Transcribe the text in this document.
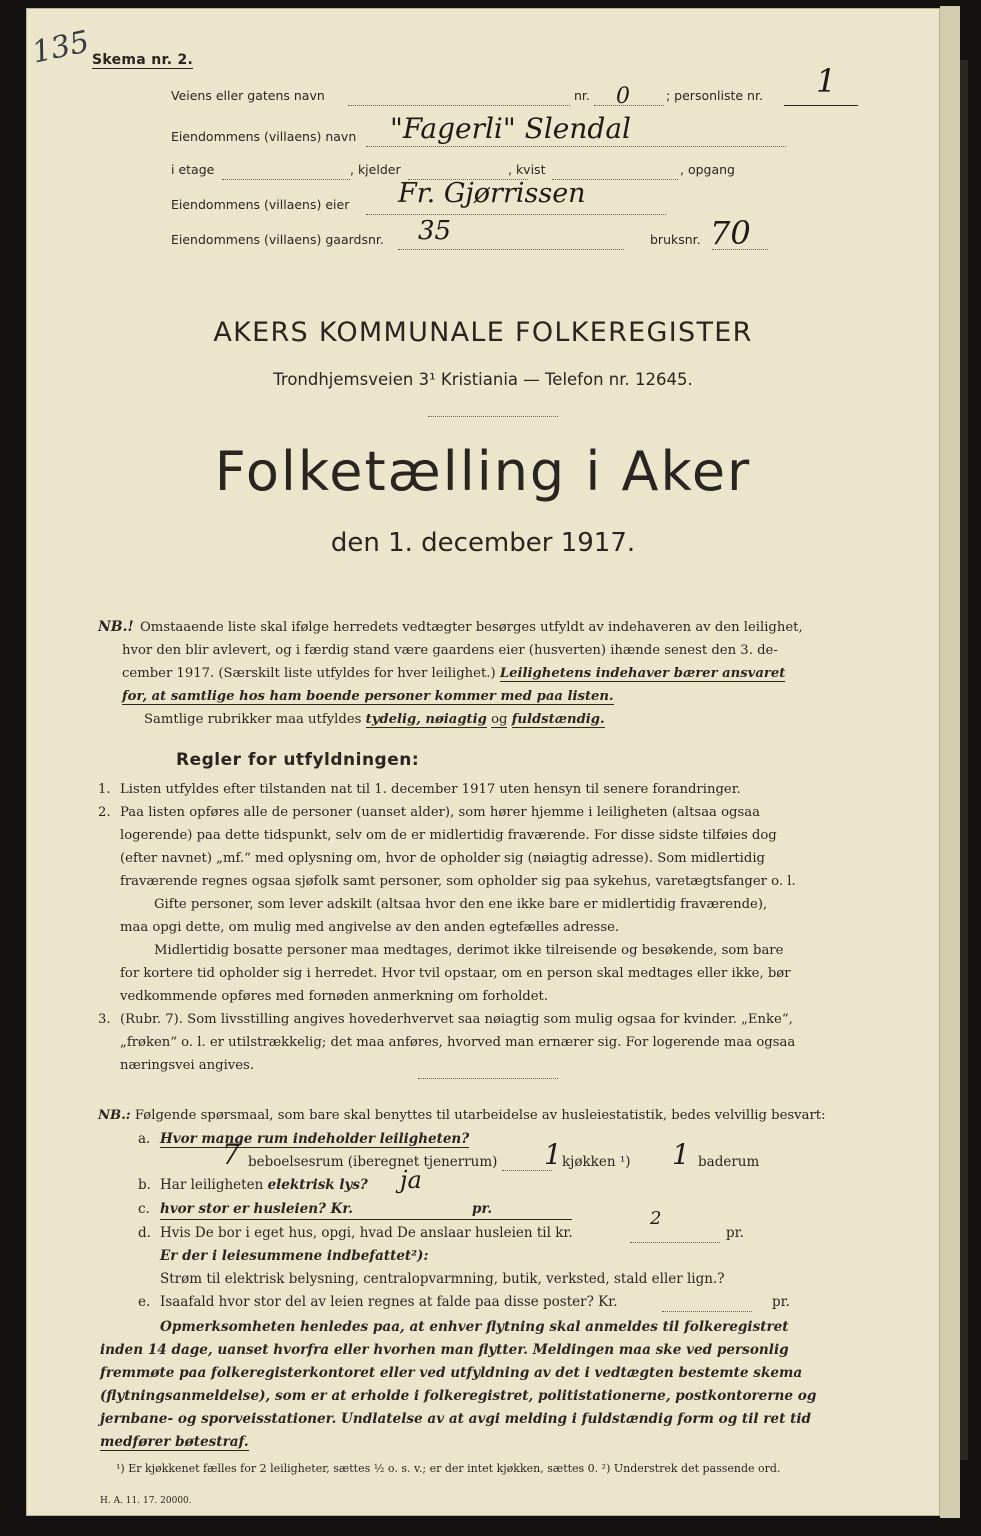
135 Skema nr. 2.
Veiens eller gatens navn	nr. 0	; personliste nr. 1
Eiendommens (villaens) navn "Fagerli" Slendal
i etage	, kjelder	, kvist	, opgang
Eiendommens (villaens) eier Fr. Gjørrissen
Eiendommens (villaens) gaardsnr. 35	bruksnr. 70
AKERS KOMMUNALE FOLKEREGISTER
Trondhjemsveien 3¹ Kristiania — Telefon nr. 12645.
Folketælling i Aker
den 1. december 1917.
NB.! Omstaaende liste skal ifølge herredets vedtægter besørges utfyldt av indehaveren av den leilighet,
hvor den blir avlevert, og i færdig stand være gaardens eier (husverten) ihænde senest den 3. de-
cember 1917. (Særskilt liste utfyldes for hver leilighet.) Leilighetens indehaver bærer ansvaret
for, at samtlige hos ham boende personer kommer med paa listen.
Samtlige rubrikker maa utfyldes tydelig, nøiagtig og fuldstændig.
Regler for utfyldningen:
1. Listen utfyldes efter tilstanden nat til 1. december 1917 uten hensyn til senere forandringer.
2. Paa listen opføres alle de personer (uanset alder), som hører hjemme i leiligheten (altsaa ogsaa
logerende) paa dette tidspunkt, selv om de er midlertidig fraværende. For disse sidste tilføies dog
(efter navnet) „mf.“ med oplysning om, hvor de opholder sig (nøiagtig adresse). Som midlertidig
fraværende regnes ogsaa sjøfolk samt personer, som opholder sig paa sykehus, varetægtsfanger o. l.
Gifte personer, som lever adskilt (altsaa hvor den ene ikke bare er midlertidig fraværende),
maa opgi dette, om mulig med angivelse av den anden egtefælles adresse.
Midlertidig bosatte personer maa medtages, derimot ikke tilreisende og besøkende, som bare
for kortere tid opholder sig i herredet. Hvor tvil opstaar, om en person skal medtages eller ikke, bør
vedkommende opføres med fornøden anmerkning om forholdet.
3. (Rubr. 7). Som livsstilling angives hovederhvervet saa nøiagtig som mulig ogsaa for kvinder. „Enke“,
„frøken“ o. l. er utilstrækkelig; det maa anføres, hvorved man ernærer sig. For logerende maa ogsaa
næringsvei angives.
NB.: Følgende spørsmaal, som bare skal benyttes til utarbeidelse av husleiestatistik, bedes velvillig besvart:
a. Hvor mange rum indeholder leiligheten?
7 beboelsesrum (iberegnet tjenerrum) 1 kjøkken ¹) 1 baderum
b. Har leiligheten elektrisk lys? ja
c. hvor stor er husleien? Kr.	pr.
d. Hvis De bor i eget hus, opgi, hvad De anslaar husleien til kr.
2
pr.
Er der i leiesummene indbefattet²):
Strøm til elektrisk belysning, centralopvarmning, butik, verksted, stald eller lign.?
e. Isaafald hvor stor del av leien regnes at falde paa disse poster? Kr.	pr.
Opmerksomheten henledes paa, at enhver flytning skal anmeldes til folkeregistret
inden 14 dage, uanset hvorfra eller hvorhen man flytter. Meldingen maa ske ved personlig
fremmøte paa folkeregisterkontoret eller ved utfyldning av det i vedtægten bestemte skema
(flytningsanmeldelse), som er at erholde i folkeregistret, politistationerne, postkontorerne og
jernbane- og sporveisstationer. Undlatelse av at avgi melding i fuldstændig form og til ret tid
medfører bøtestraf.
¹) Er kjøkkenet fælles for 2 leiligheter, sættes ½ o. s. v.; er der intet kjøkken, sættes 0. ²) Understrek det passende ord.
H. A. 11. 17. 20000.
